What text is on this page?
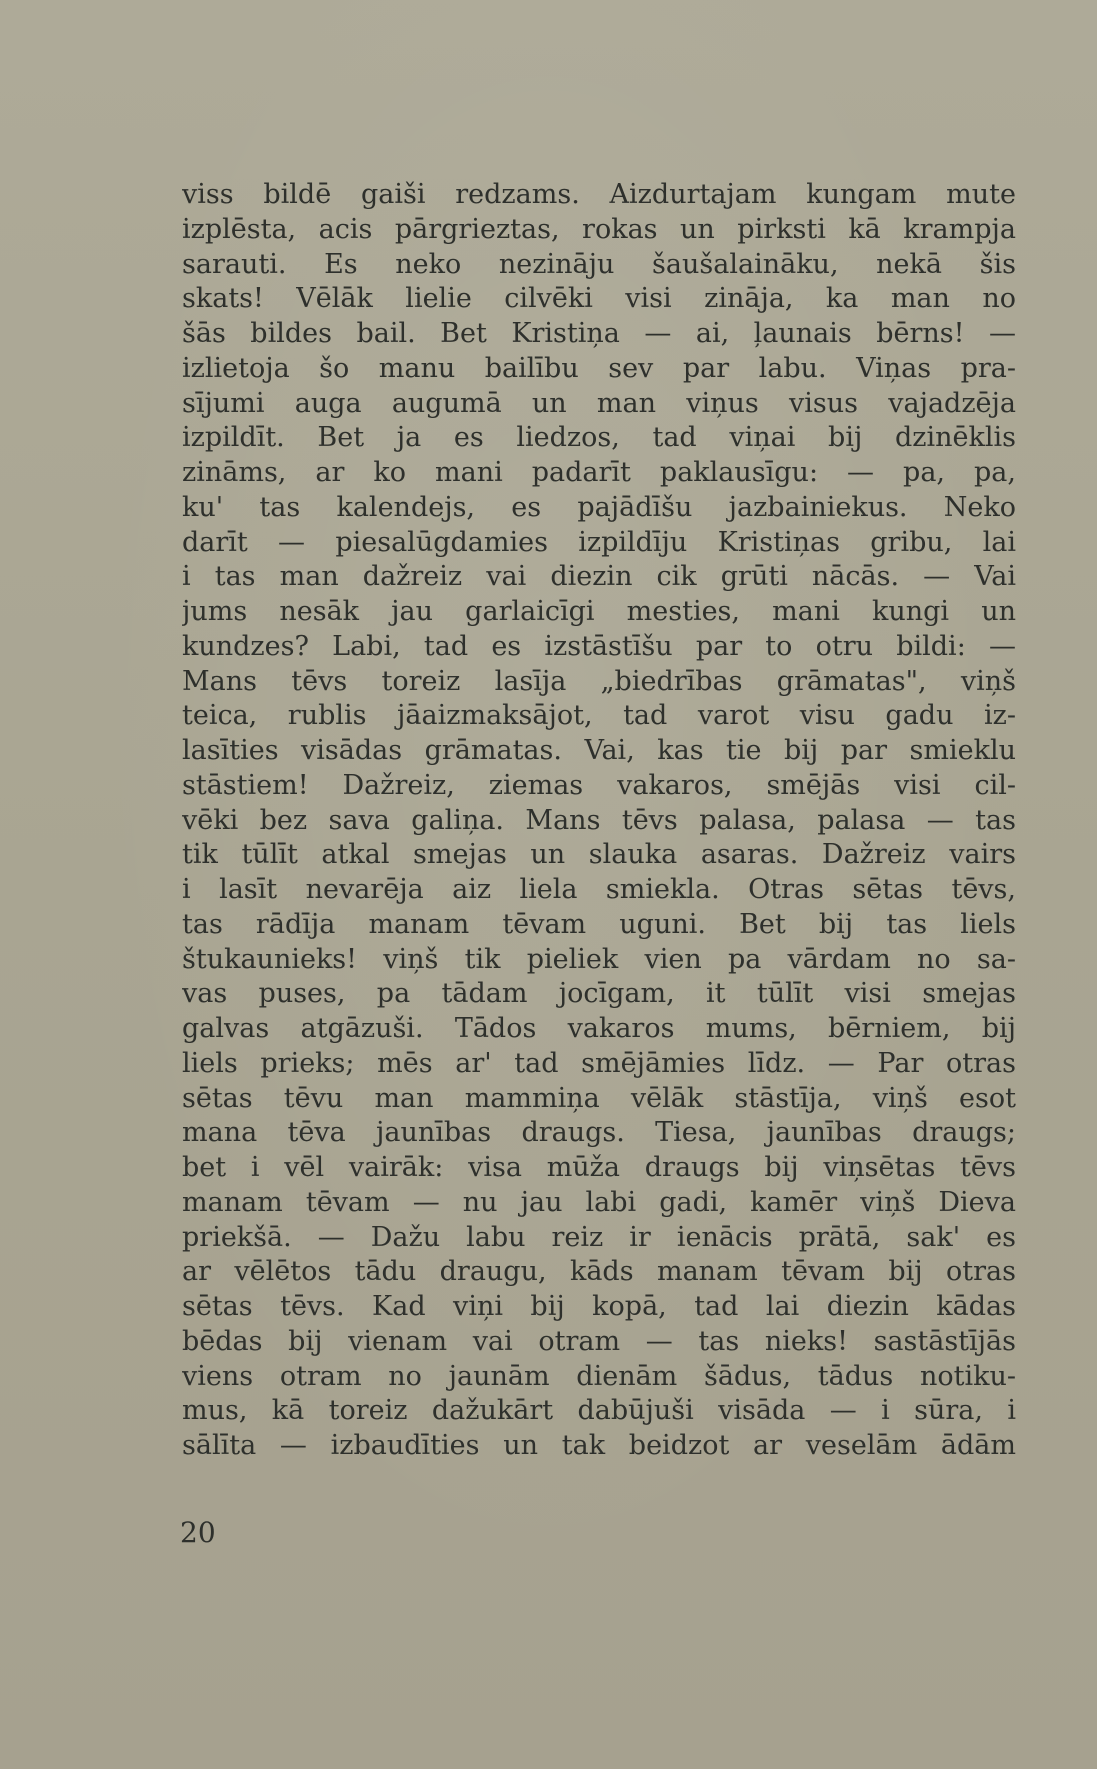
viss bildē gaiši redzams. Aizdurtajam kungam mute
izplēsta, acis pārgrieztas, rokas un pirksti kā krampja
sarauti. Es neko nezināju šaušalaināku, nekā šis
skats! Vēlāk lielie cilvēki visi zināja, ka man no
šās bildes bail. Bet Kristiņa — ai, ļaunais bērns! —
izlietoja šo manu bailību sev par labu. Viņas pra-
sījumi auga augumā un man viņus visus vajadzēja
izpildīt. Bet ja es liedzos, tad viņai bij dzinēklis
zināms, ar ko mani padarīt paklausīgu: — pa, pa,
ku' tas kalendejs, es pajādīšu jazbainiekus. Neko
darīt — piesalūgdamies izpildīju Kristiņas gribu, lai
i tas man dažreiz vai diezin cik grūti nācās. — Vai
jums nesāk jau garlaicīgi mesties, mani kungi un
kundzes? Labi, tad es izstāstīšu par to otru bildi: —
Mans tēvs toreiz lasīja „biedrības grāmatas", viņš
teica, rublis jāaizmaksājot, tad varot visu gadu iz-
lasīties visādas grāmatas. Vai, kas tie bij par smieklu
stāstiem! Dažreiz, ziemas vakaros, smējās visi cil-
vēki bez sava galiņa. Mans tēvs palasa, palasa — tas
tik tūlīt atkal smejas un slauka asaras. Dažreiz vairs
i lasīt nevarēja aiz liela smiekla. Otras sētas tēvs,
tas rādīja manam tēvam uguni. Bet bij tas liels
štukaunieks! viņš tik pieliek vien pa vārdam no sa-
vas puses, pa tādam jocīgam, it tūlīt visi smejas
galvas atgāzuši. Tādos vakaros mums, bērniem, bij
liels prieks; mēs ar' tad smējāmies līdz. — Par otras
sētas tēvu man mammiņa vēlāk stāstīja, viņš esot
mana tēva jaunības draugs. Tiesa, jaunības draugs;
bet i vēl vairāk: visa mūža draugs bij viņsētas tēvs
manam tēvam — nu jau labi gadi, kamēr viņš Dieva
priekšā. — Dažu labu reiz ir ienācis prātā, sak' es
ar vēlētos tādu draugu, kāds manam tēvam bij otras
sētas tēvs. Kad viņi bij kopā, tad lai diezin kādas
bēdas bij vienam vai otram — tas nieks! sastāstījās
viens otram no jaunām dienām šādus, tādus notiku-
mus, kā toreiz dažukārt dabūjuši visāda — i sūra, i
sālīta — izbaudīties un tak beidzot ar veselām ādām
20
